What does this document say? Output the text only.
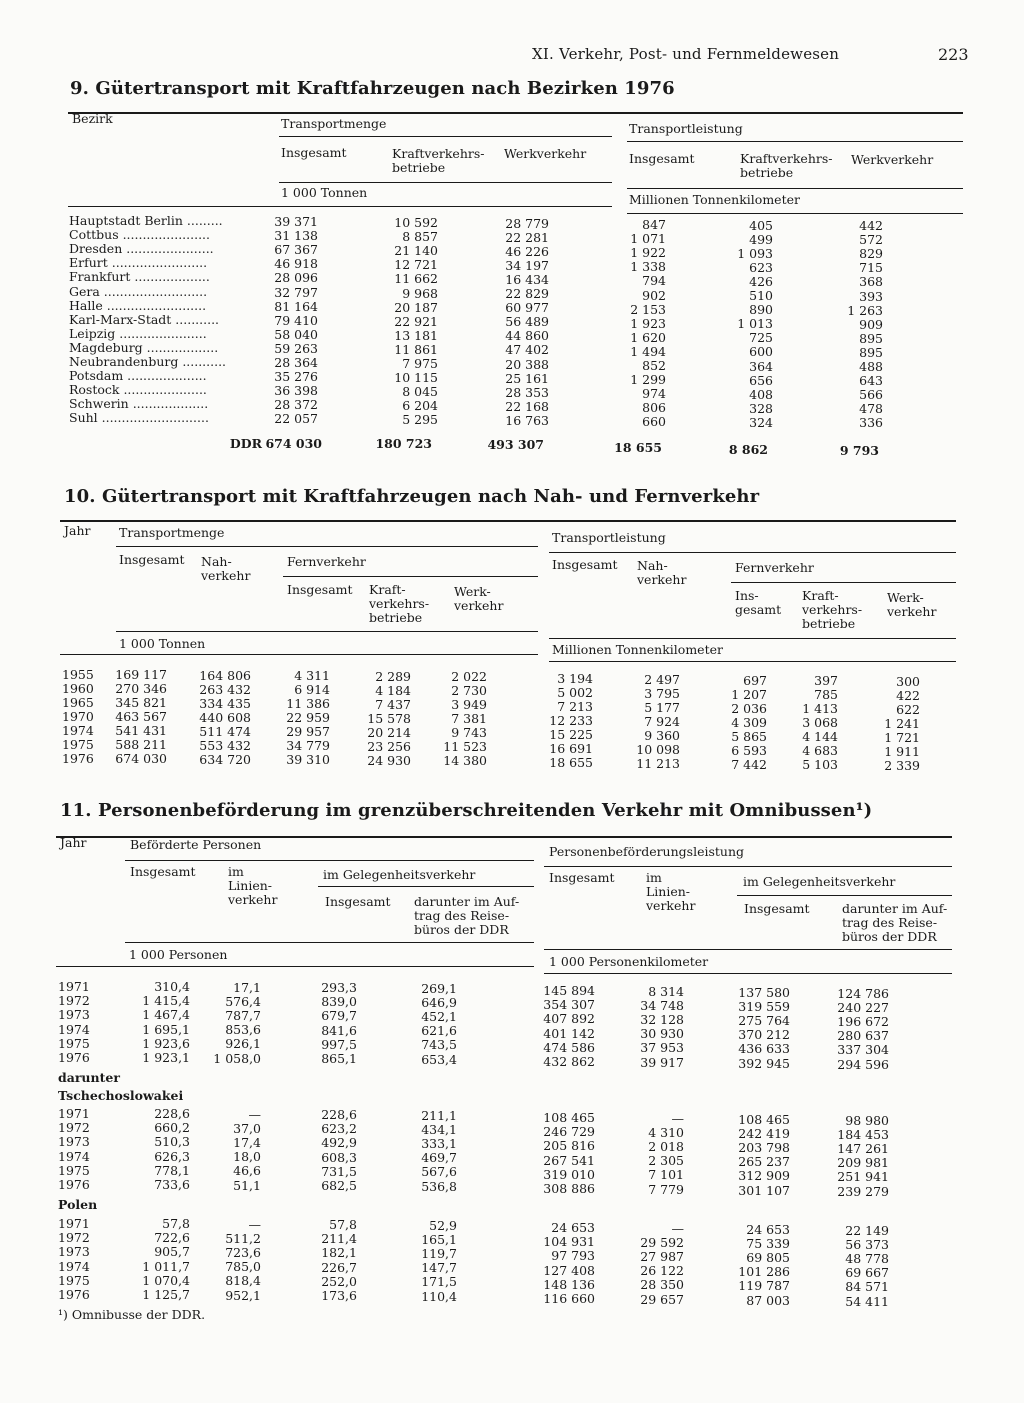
XI. Verkehr, Post- und Fernmeldewesen	223
9. Gütertransport mit Kraftfahrzeugen nach Bezirken 1976
Bezirk	Transportmenge	Transportleistung
Insgesamt	Kraftverkehrs-
betriebe
Werkverkehr	Insgesamt	Kraftverkehrs-
betriebe
Werkverkehr
1 000 Tonnen	Millionen Tonnenkilometer
Hauptstadt Berlin .........	39 371	10 592	28 779	847	405	442
Cottbus ......................	31 138	8 857	22 281	1 071	499	572
Dresden ......................	67 367	21 140	46 226	1 922	1 093	829
Erfurt ........................	46 918	12 721	34 197	1 338	623	715
Frankfurt ...................	28 096	11 662	16 434	794	426	368
Gera ..........................	32 797	9 968	22 829	902	510	393
Halle .........................	81 164	20 187	60 977	2 153	890	1 263
Karl-Marx-Stadt ...........	79 410	22 921	56 489	1 923	1 013	909
Leipzig ......................	58 040	13 181	44 860	1 620	725	895
Magdeburg ..................	59 263	11 861	47 402	1 494	600	895
Neubrandenburg ...........	28 364	7 975	20 388	852	364	488
Potsdam ....................	35 276	10 115	25 161	1 299	656	643
Rostock .....................	36 398	8 045	28 353	974	408	566
Schwerin ...................	28 372	6 204	22 168	806	328	478
Suhl ...........................	22 057	5 295	16 763	660	324	336
DDR 674 030	180 723	493 307	18 655	8 862	9 793
10. Gütertransport mit Kraftfahrzeugen nach Nah- und Fernverkehr
Jahr Transportmenge	Transportleistung
Insgesamt Nah-
verkehr
Fernverkehr	Insgesamt Nah-
verkehr
Fernverkehr
Insgesamt Kraft-
verkehrs-
betriebe
Werk-
verkehr
Ins-
gesamt
Kraft-
verkehrs-
betriebe
Werk-
verkehr
1 000 Tonnen	Millionen Tonnenkilometer
1955	169 117	164 806	4 311	2 289	2 022	3 194	2 497	697	397	300
1960	270 346	263 432	6 914	4 184	2 730	5 002	3 795	1 207	785	422
1965	345 821	334 435	11 386	7 437	3 949	7 213	5 177	2 036	1 413	622
1970	463 567	440 608	22 959	15 578	7 381	12 233	7 924	4 309	3 068	1 241
1974	541 431	511 474	29 957	20 214	9 743	15 225	9 360	5 865	4 144	1 721
1975	588 211	553 432	34 779	23 256	11 523	16 691	10 098	6 593	4 683	1 911
1976	674 030	634 720	39 310	24 930	14 380	18 655	11 213	7 442	5 103	2 339
11. Personenbeförderung im grenzüberschreitenden Verkehr mit Omnibussen¹)
Jahr	Beförderte Personen	Personenbeförderungsleistung
Insgesamt	im
Linien-
verkehr
im Gelegenheitsverkehr	Insgesamt	im
Linien-
verkehr
im Gelegenheitsverkehr
Insgesamt darunter im Auf-
trag des Reise-
büros der DDR
Insgesamt	darunter im Auf-
trag des Reise-
büros der DDR
1 000 Personen	1 000 Personenkilometer
1971	310,4	17,1	293,3	269,1	145 894	8 314	137 580	124 786
1972	1 415,4	576,4	839,0	646,9	354 307	34 748	319 559	240 227
1973	1 467,4	787,7	679,7	452,1	407 892	32 128	275 764	196 672
1974	1 695,1	853,6	841,6	621,6	401 142	30 930	370 212	280 637
1975	1 923,6	926,1	997,5	743,5	474 586	37 953	436 633	337 304
1976	1 923,1	1 058,0	865,1	653,4	432 862	39 917	392 945	294 596
darunter
Tschechoslowakei
1971	228,6	—	228,6	211,1	108 465	—	108 465	98 980
1972	660,2	37,0	623,2	434,1	246 729	4 310	242 419	184 453
1973	510,3	17,4	492,9	333,1	205 816	2 018	203 798	147 261
1974	626,3	18,0	608,3	469,7	267 541	2 305	265 237	209 981
1975	778,1	46,6	731,5	567,6	319 010	7 101	312 909	251 941
1976	733,6	51,1	682,5	536,8	308 886	7 779	301 107	239 279
Polen
1971	57,8	—	57,8	52,9	24 653	—	24 653	22 149
1972	722,6	511,2	211,4	165,1	104 931	29 592	75 339	56 373
1973	905,7	723,6	182,1	119,7	97 793	27 987	69 805	48 778
1974	1 011,7	785,0	226,7	147,7	127 408	26 122	101 286	69 667
1975	1 070,4	818,4	252,0	171,5	148 136	28 350	119 787	84 571
1976	1 125,7	952,1	173,6	110,4	116 660	29 657	87 003	54 411
¹) Omnibusse der DDR.
